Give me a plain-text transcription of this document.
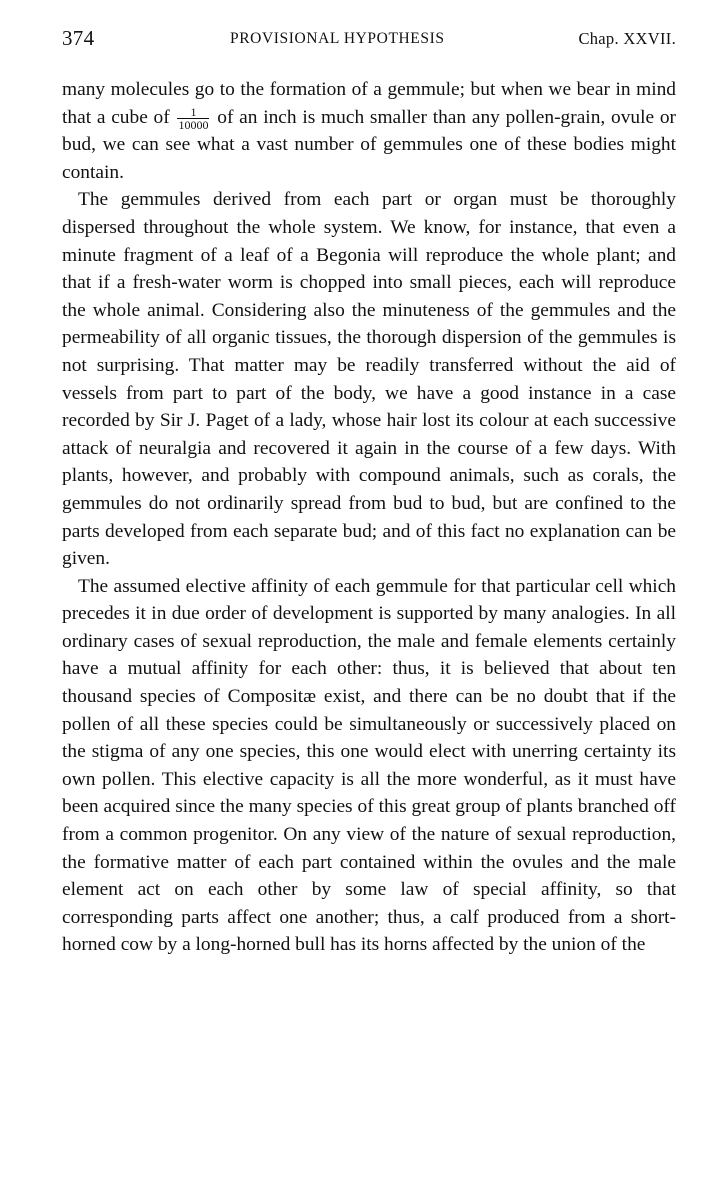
374	PROVISIONAL HYPOTHESIS	Chap. XXVII.

many molecules go to the formation of a gemmule; but when we bear in mind that a cube of $\frac{1}{10000}$ of an inch is much smaller than any pollen-grain, ovule or bud, we can see what a vast number of gemmules one of these bodies might contain.

The gemmules derived from each part or organ must be thoroughly dispersed throughout the whole system. We know, for instance, that even a minute fragment of a leaf of a Begonia will reproduce the whole plant; and that if a fresh-water worm is chopped into small pieces, each will reproduce the whole animal. Considering also the minuteness of the gemmules and the permeability of all organic tissues, the thorough dispersion of the gemmules is not surprising. That matter may be readily transferred without the aid of vessels from part to part of the body, we have a good instance in a case recorded by Sir J. Paget of a lady, whose hair lost its colour at each successive attack of neuralgia and recovered it again in the course of a few days. With plants, however, and probably with compound animals, such as corals, the gemmules do not ordinarily spread from bud to bud, but are confined to the parts developed from each separate bud; and of this fact no explanation can be given.

The assumed elective affinity of each gemmule for that particular cell which precedes it in due order of development is supported by many analogies. In all ordinary cases of sexual reproduction, the male and female elements certainly have a mutual affinity for each other: thus, it is believed that about ten thousand species of Compositæ exist, and there can be no doubt that if the pollen of all these species could be simultaneously or successively placed on the stigma of any one species, this one would elect with unerring certainty its own pollen. This elective capacity is all the more wonderful, as it must have been acquired since the many species of this great group of plants branched off from a common progenitor. On any view of the nature of sexual reproduction, the formative matter of each part contained within the ovules and the male element act on each other by some law of special affinity, so that corresponding parts affect one another; thus, a calf produced from a short-horned cow by a long-horned bull has its horns affected by the union of the
